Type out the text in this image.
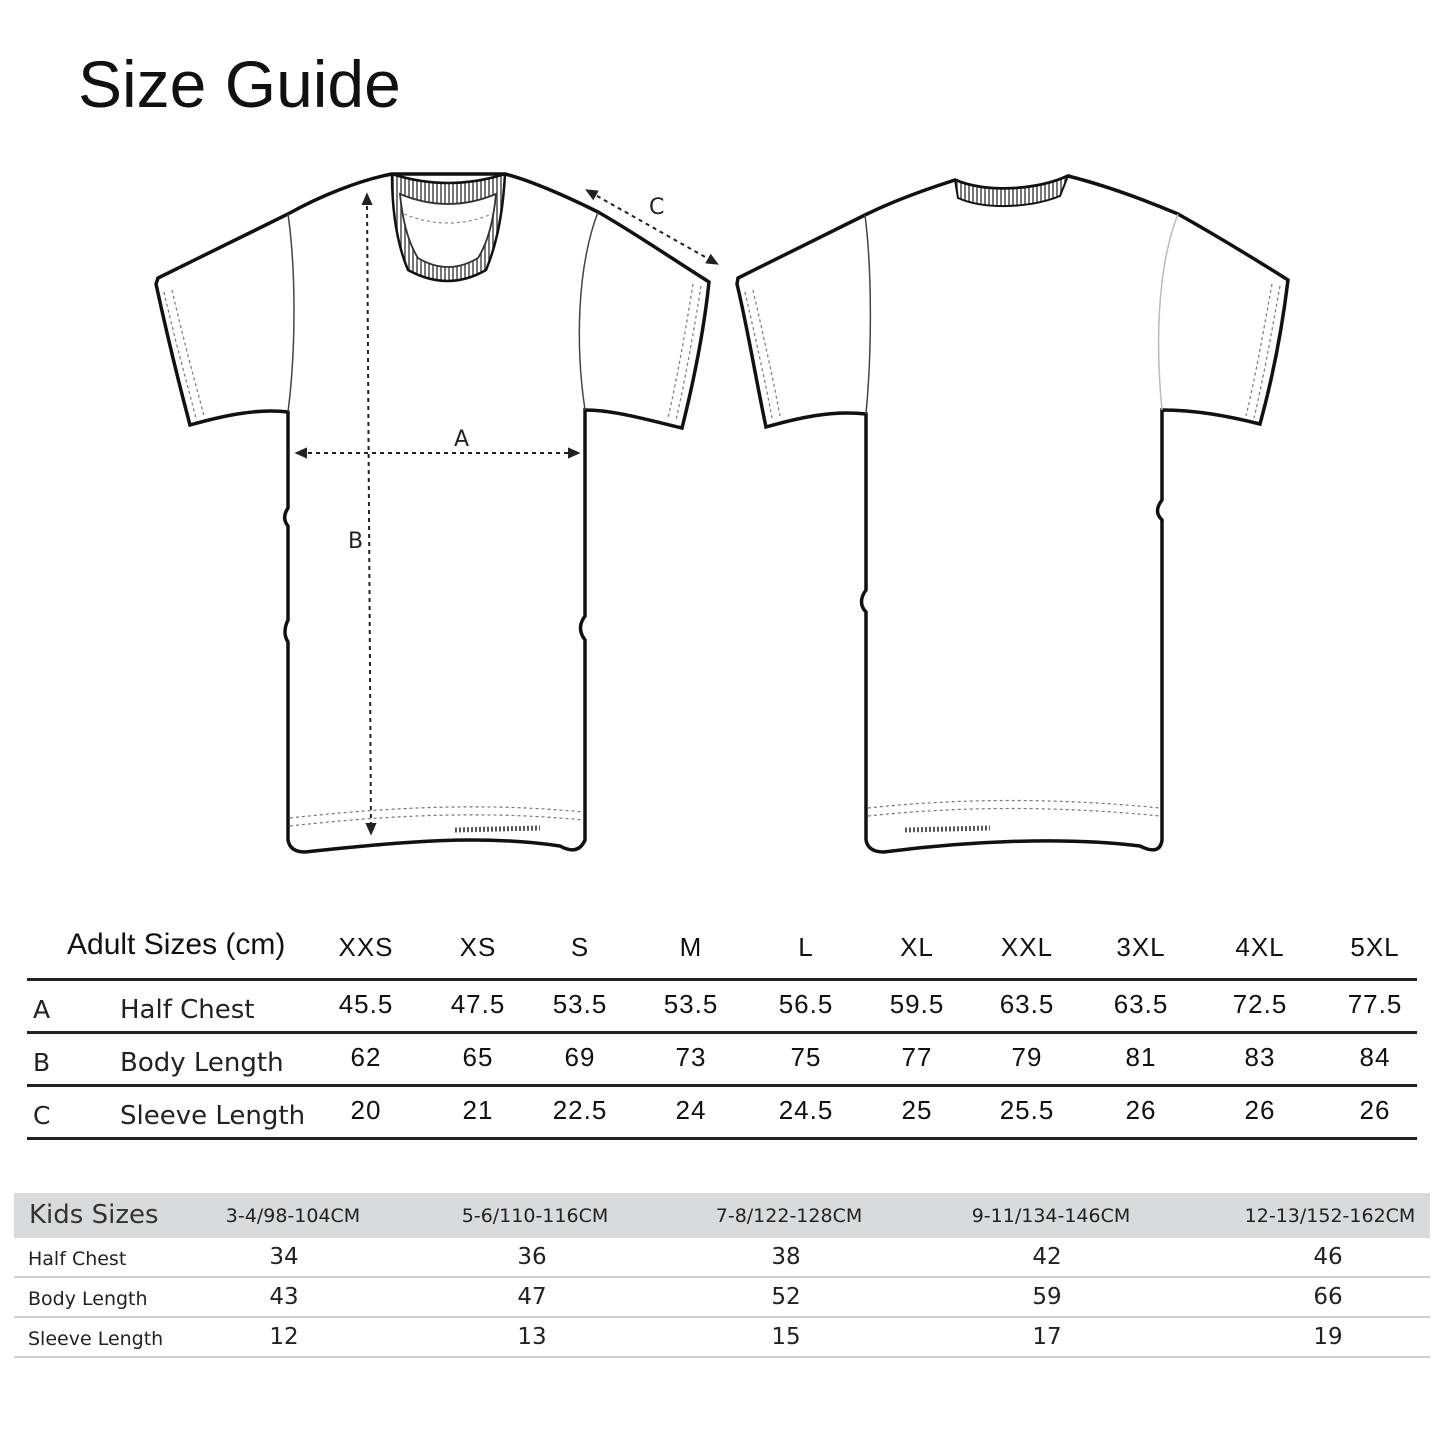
Size Guide
A
B
C
Adult Sizes (cm)	XXS	XS	S	M	L	XL	XXL	3XL	4XL	5XL
A	Half Chest	45.5	47.5	53.5	53.5	56.5	59.5	63.5	63.5	72.5	77.5
B	Body Length	62	65	69	73	75	77	79	81	83	84
C	Sleeve Length	20	21	22.5	24	24.5	25	25.5	26	26	26
Kids Sizes	3-4/98-104CM	5-6/110-116CM	7-8/122-128CM	9-11/134-146CM	12-13/152-162CM
Half Chest	34	36	38	42	46
Body Length	43	47	52	59	66
Sleeve Length	12	13	15	17	19
